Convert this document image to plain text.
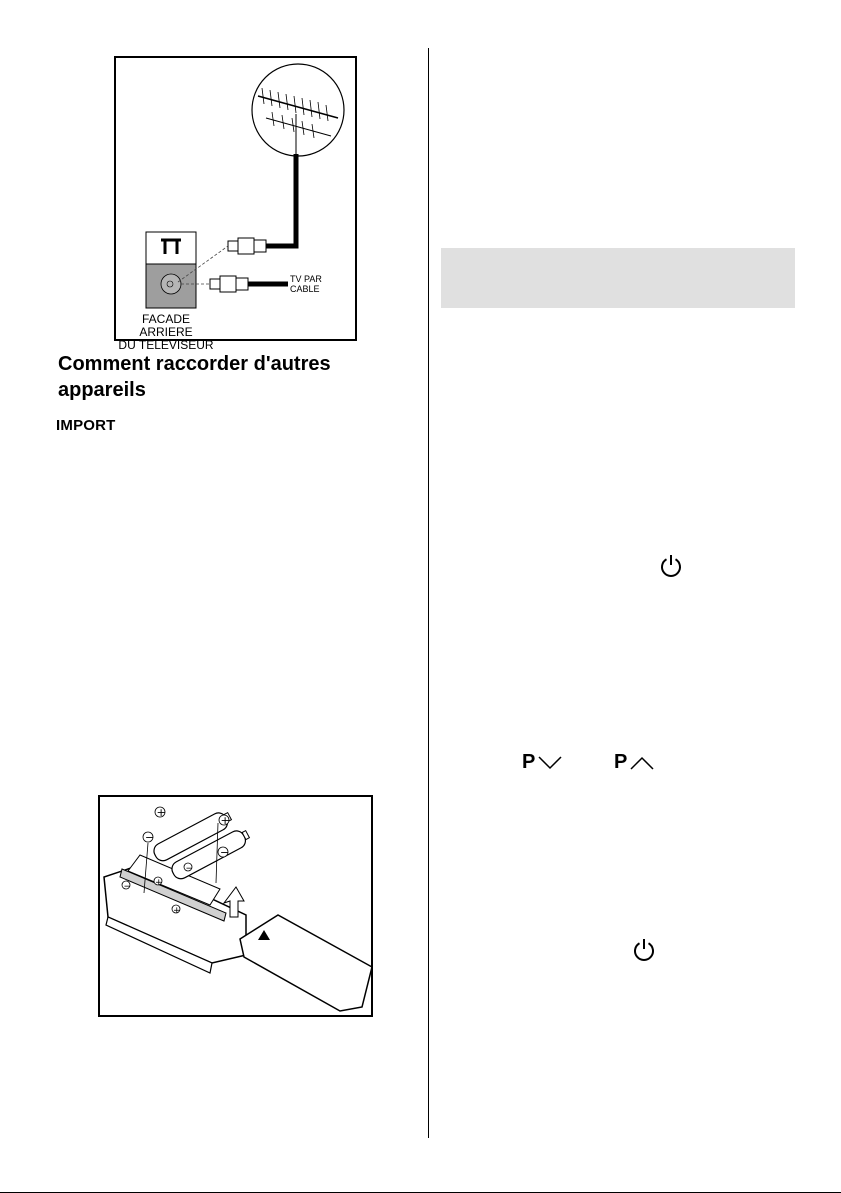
FACADE ARRIERE
DU TELEVISEUR
TV PAR
CABLE
Comment raccorder d'autres appareils
IMPORT
+
+
−
−
+
−
+
−
P	P
